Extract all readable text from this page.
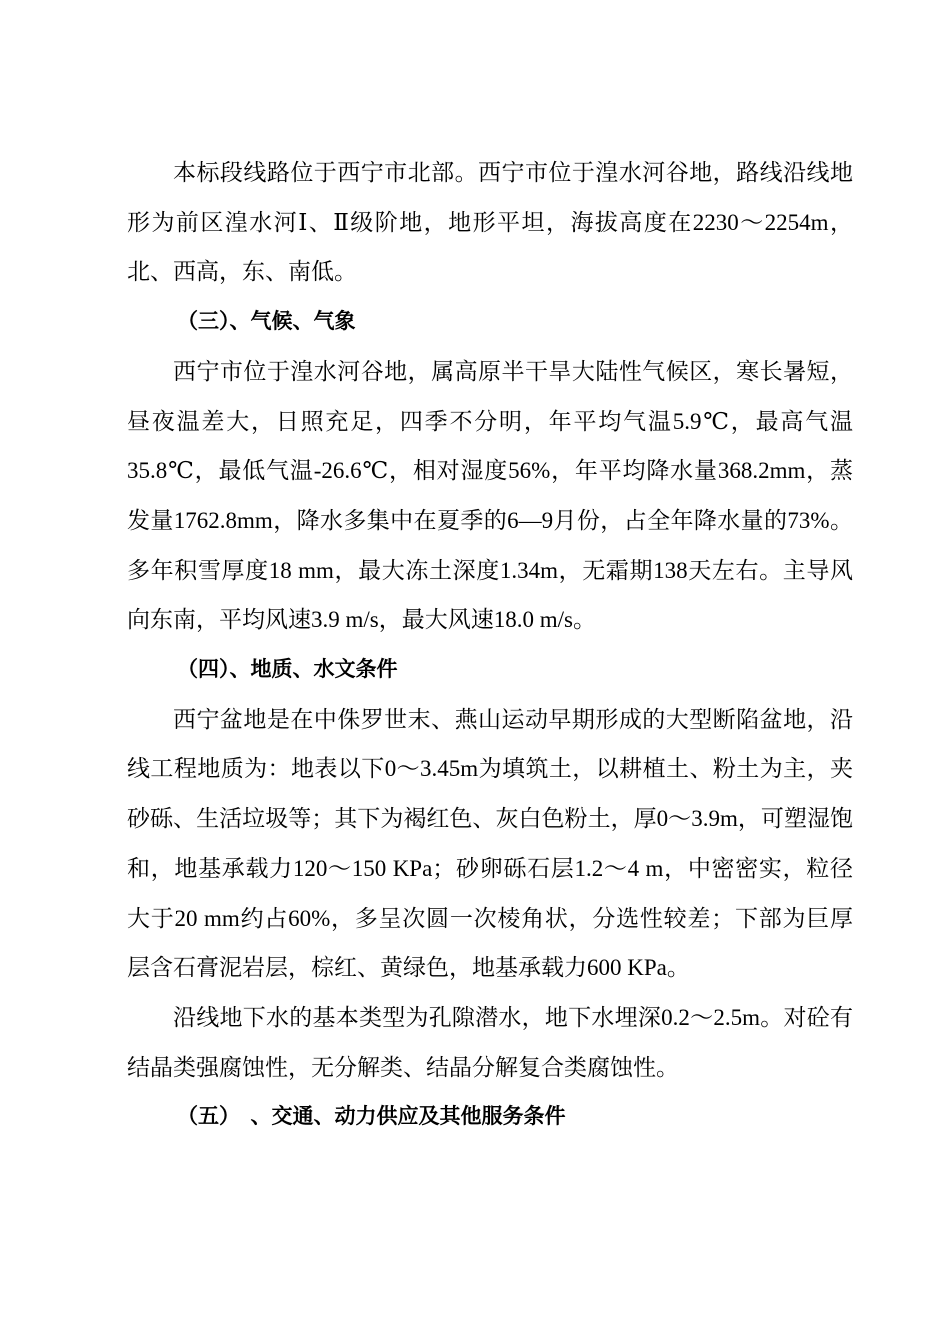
本标段线路位于西宁市北部。西宁市位于湟水河谷地，路线沿线地形为前区湟水河Ⅰ、Ⅱ级阶地，地形平坦，海拔高度在2230～2254m，北、西高，东、南低。

（三）、气候、气象

西宁市位于湟水河谷地，属高原半干旱大陆性气候区，寒长暑短，昼夜温差大，日照充足，四季不分明，年平均气温5.9℃，最高气温35.8℃，最低气温-26.6℃，相对湿度56%，年平均降水量368.2mm，蒸发量1762.8mm，降水多集中在夏季的6—9月份，占全年降水量的73%。多年积雪厚度18 mm，最大冻土深度1.34m，无霜期138天左右。主导风向东南，平均风速3.9 m/s，最大风速18.0 m/s。

（四）、地质、水文条件

西宁盆地是在中侏罗世末、燕山运动早期形成的大型断陷盆地，沿线工程地质为：地表以下0～3.45m为填筑土，以耕植土、粉土为主，夹砂砾、生活垃圾等；其下为褐红色、灰白色粉土，厚0～3.9m，可塑湿饱和，地基承载力120～150 KPa；砂卵砾石层1.2～4 m，中密密实，粒径大于20 mm约占60%，多呈次圆一次棱角状，分选性较差；下部为巨厚层含石膏泥岩层，棕红、黄绿色，地基承载力600 KPa。

沿线地下水的基本类型为孔隙潜水，地下水埋深0.2～2.5m。对砼有结晶类强腐蚀性，无分解类、结晶分解复合类腐蚀性。

（五）　、交通、动力供应及其他服务条件
